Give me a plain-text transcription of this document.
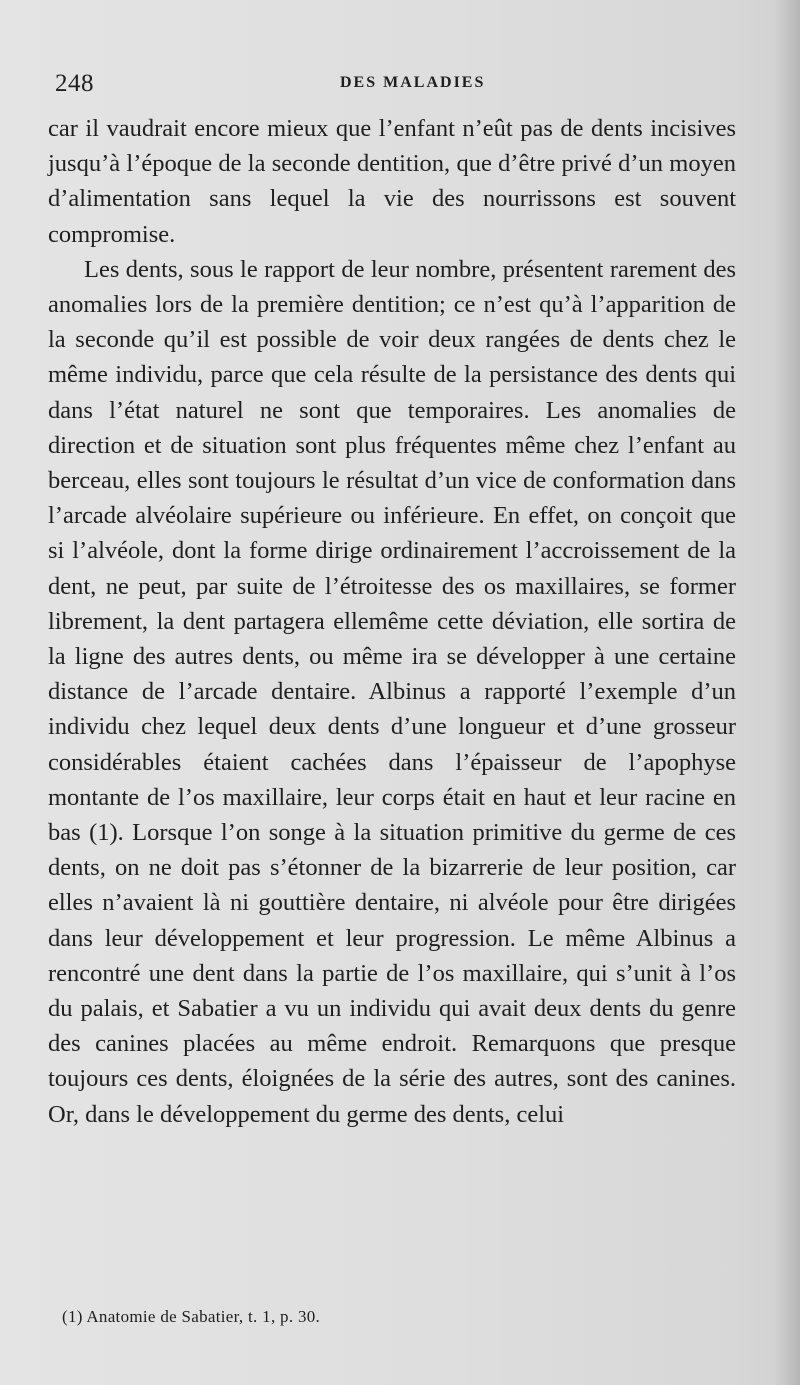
248	DES MALADIES

car il vaudrait encore mieux que l’enfant n’eût pas de dents incisives jusqu’à l’époque de la seconde dentition, que d’être privé d’un moyen d’alimentation sans lequel la vie des nourrissons est souvent compromise.

Les dents, sous le rapport de leur nombre, présentent rarement des anomalies lors de la première dentition; ce n’est qu’à l’apparition de la seconde qu’il est possible de voir deux rangées de dents chez le même individu, parce que cela résulte de la persistance des dents qui dans l’état naturel ne sont que temporaires. Les anomalies de direction et de situation sont plus fréquentes même chez l’enfant au berceau, elles sont toujours le résultat d’un vice de conformation dans l’arcade alvéolaire supérieure ou inférieure. En effet, on conçoit que si l’alvéole, dont la forme dirige ordinairement l’accroissement de la dent, ne peut, par suite de l’étroitesse des os maxillaires, se former librement, la dent partagera ellemême cette déviation, elle sortira de la ligne des autres dents, ou même ira se développer à une certaine distance de l’arcade dentaire. Albinus a rapporté l’exemple d’un individu chez lequel deux dents d’une longueur et d’une grosseur considérables étaient cachées dans l’épaisseur de l’apophyse montante de l’os maxillaire, leur corps était en haut et leur racine en bas (1). Lorsque l’on songe à la situation primitive du germe de ces dents, on ne doit pas s’étonner de la bizarrerie de leur position, car elles n’avaient là ni gouttière dentaire, ni alvéole pour être dirigées dans leur développement et leur progression. Le même Albinus a rencontré une dent dans la partie de l’os maxillaire, qui s’unit à l’os du palais, et Sabatier a vu un individu qui avait deux dents du genre des canines placées au même endroit. Remarquons que presque toujours ces dents, éloignées de la série des autres, sont des canines. Or, dans le développement du germe des dents, celui

(1) Anatomie de Sabatier, t. 1, p. 30.
